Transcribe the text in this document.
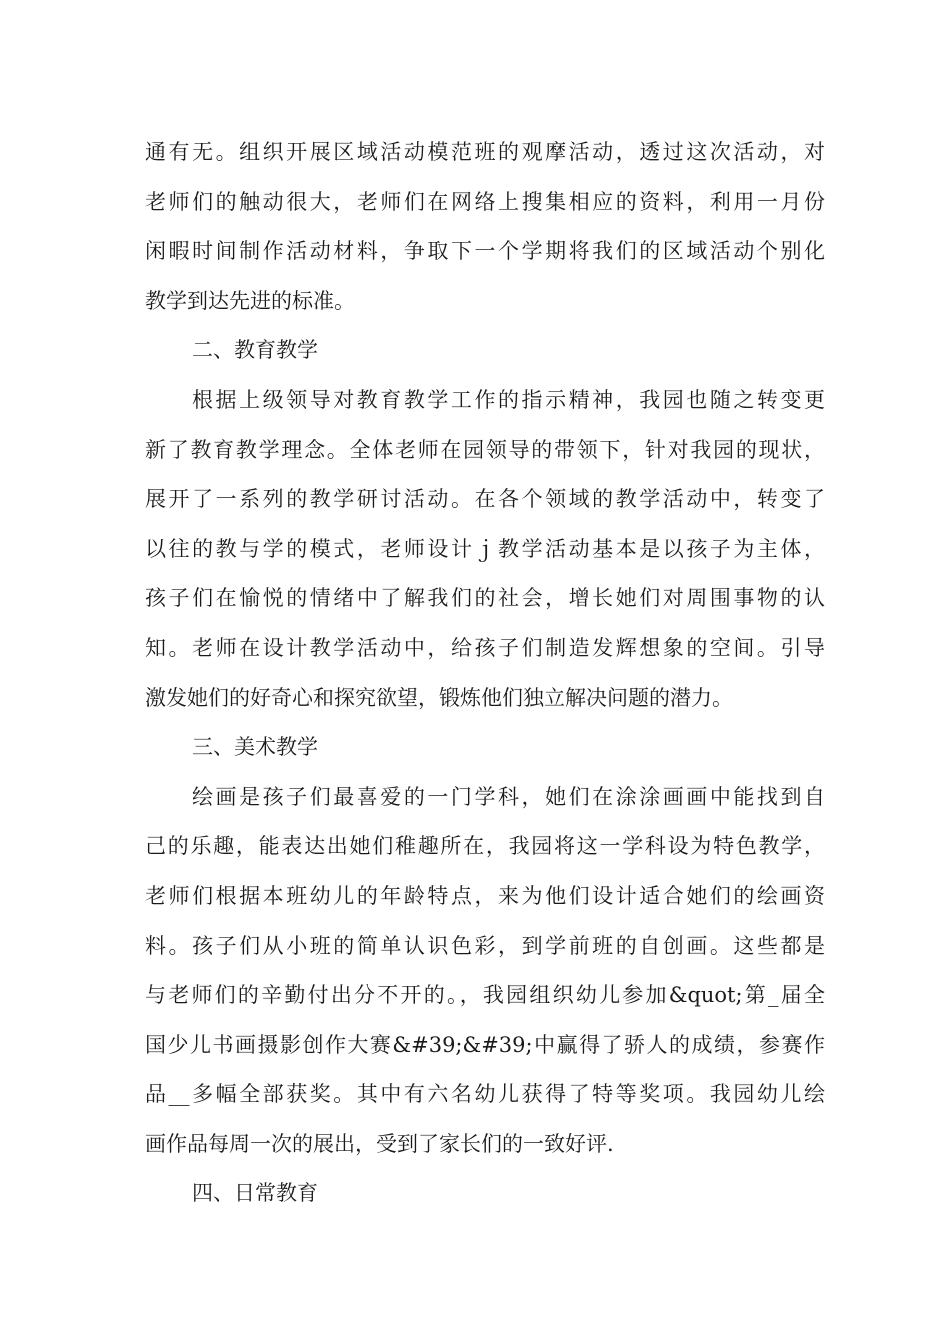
通有无。组织开展区域活动模范班的观摩活动，透过这次活动，对
老师们的触动很大，老师们在网络上搜集相应的资料，利用一月份
闲暇时间制作活动材料，争取下一个学期将我们的区域活动个别化
教学到达先进的标准。
二、教育教学
根据上级领导对教育教学工作的指示精神，我园也随之转变更
新了教育教学理念。全体老师在园领导的带领下，针对我园的现状，
展开了一系列的教学研讨活动。在各个领域的教学活动中，转变了
以往的教与学的模式，老师设计ｊ教学活动基本是以孩子为主体，
孩子们在愉悦的情绪中了解我们的社会，增长她们对周围事物的认
知。老师在设计教学活动中，给孩子们制造发辉想象的空间。引导
激发她们的好奇心和探究欲望，锻炼他们独立解决问题的潜力。
三、美术教学
绘画是孩子们最喜爱的一门学科，她们在涂涂画画中能找到自
己的乐趣，能表达出她们稚趣所在，我园将这一学科设为特色教学，
老师们根据本班幼儿的年龄特点，来为他们设计适合她们的绘画资
料。孩子们从小班的简单认识色彩，到学前班的自创画。这些都是
与老师们的辛勤付出分不开的。，我园组织幼儿参加&quot;第_届全
国少儿书画摄影创作大赛&#39;&#39;中赢得了骄人的成绩，参赛作
品__多幅全部获奖。其中有六名幼儿获得了特等奖项。我园幼儿绘
画作品每周一次的展出，受到了家长们的一致好评.
四、日常教育
